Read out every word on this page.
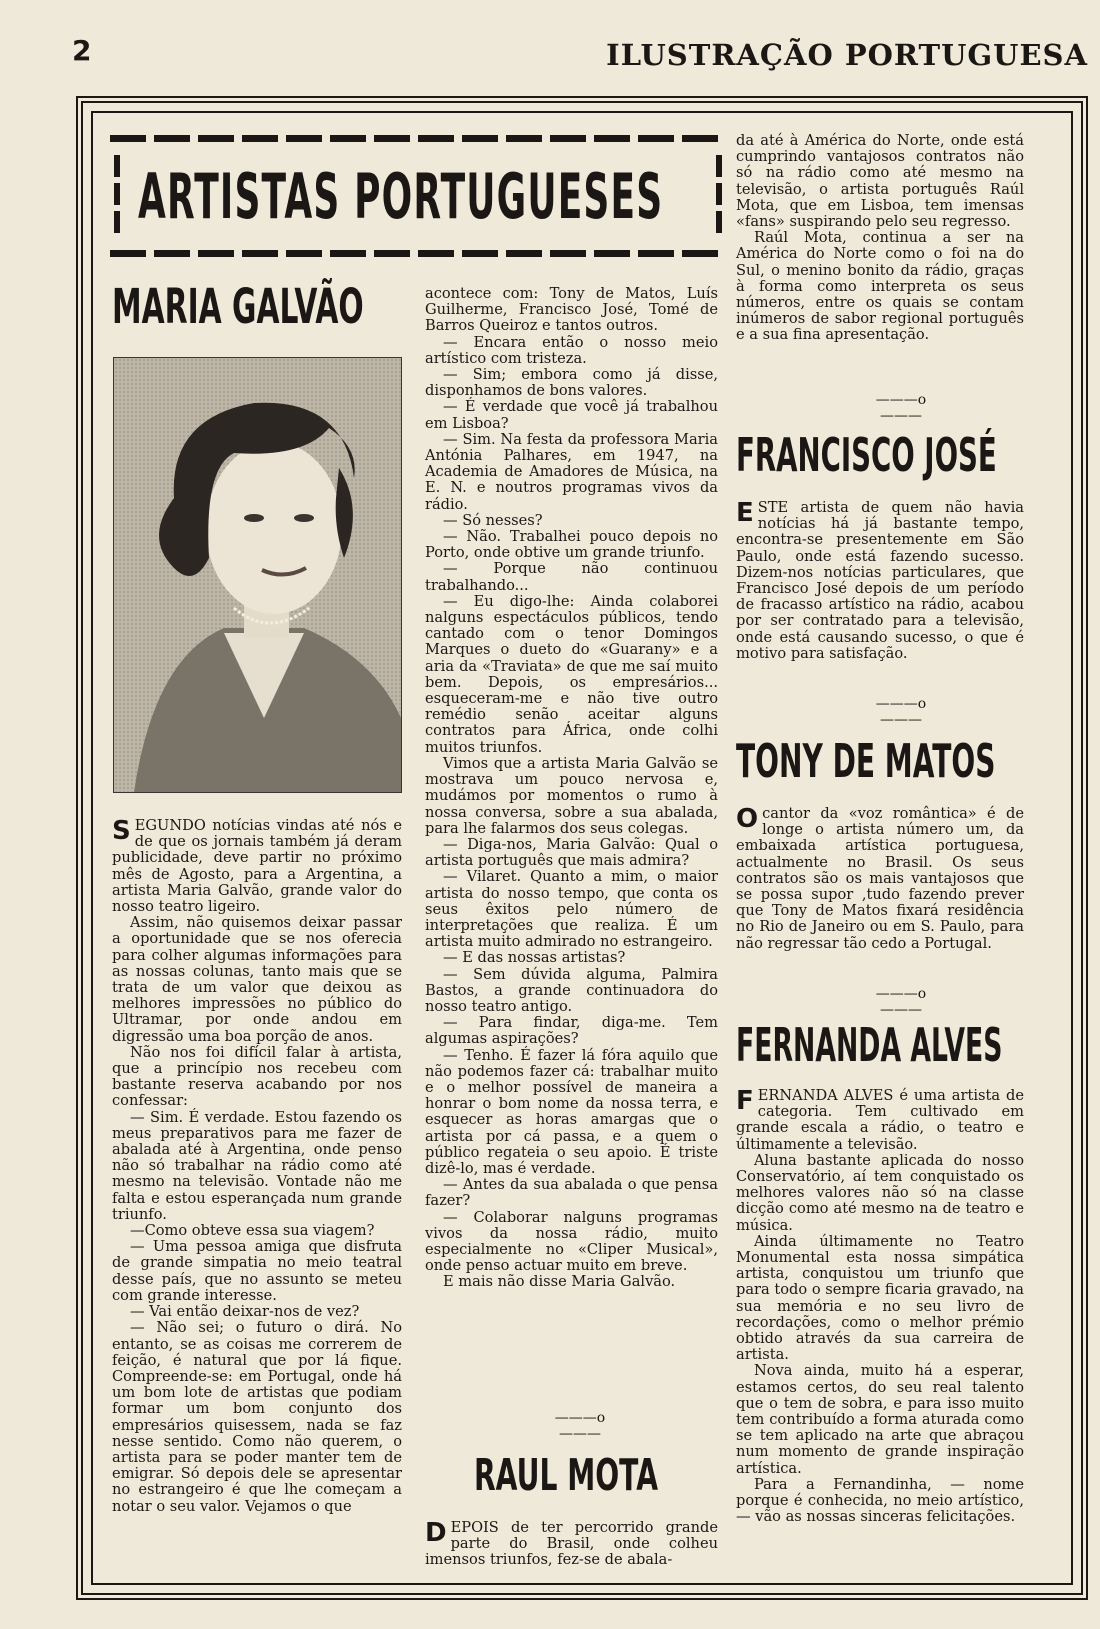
2	ILUSTRAÇÃO PORTUGUESA
ARTISTAS PORTUGUESES
MARIA GALVÃO

SEGUNDO notícias vindas até nós e de que os jornais também já deram publicidade, deve partir no próximo mês de Agosto, para a Argentina, a artista Maria Galvão, grande valor do nosso teatro ligeiro.

Assim, não quisemos deixar passar a oportunidade que se nos oferecia para colher algumas informações para as nossas colunas, tanto mais que se trata de um valor que deixou as melhores impressões no público do Ultramar, por onde andou em digressão uma boa porção de anos.

Não nos foi difícil falar à artista, que a princípio nos recebeu com bastante reserva acabando por nos confessar:

— Sim. É verdade. Estou fazendo os meus preparativos para me fazer de abalada até à Argentina, onde penso não só trabalhar na rádio como até mesmo na televisão. Vontade não me falta e estou esperançada num grande triunfo.

—Como obteve essa sua viagem?

— Uma pessoa amiga que disfruta de grande simpatia no meio teatral desse país, que no assunto se meteu com grande interesse.

— Vai então deixar-nos de vez?

— Não sei; o futuro o dirá. No entanto, se as coisas me correrem de feição, é natural que por lá fique. Compreende-se: em Portugal, onde há um bom lote de artistas que podiam formar um bom conjunto dos empresários quisessem, nada se faz nesse sentido. Como não querem, o artista para se poder manter tem de emigrar. Só depois dele se apresentar no estrangeiro é que lhe começam a notar o seu valor. Vejamos o que

acontece com: Tony de Matos, Luís Guilherme, Francisco José, Tomé de Barros Queiroz e tantos outros.

— Encara então o nosso meio artístico com tristeza.

— Sim; embora como já disse, disponhamos de bons valores.

— É verdade que você já trabalhou em Lisboa?

— Sim. Na festa da professora Maria Antónia Palhares, em 1947, na Academia de Amadores de Música, na E. N. e noutros programas vivos da rádio.

— Só nesses?

— Não. Trabalhei pouco depois no Porto, onde obtive um grande triunfo.

— Porque não continuou trabalhando...

— Eu digo-lhe: Ainda colaborei nalguns espectáculos públicos, tendo cantado com o tenor Domingos Marques o dueto do «Guarany» e a aria da «Traviata» de que me saí muito bem. Depois, os empresários... esqueceram-me e não tive outro remédio senão aceitar alguns contratos para África, onde colhi muitos triunfos.

Vimos que a artista Maria Galvão se mostrava um pouco nervosa e, mudámos por momentos o rumo à nossa conversa, sobre a sua abalada, para lhe falarmos dos seus colegas.

— Diga-nos, Maria Galvão: Qual o artista português que mais admira?

— Vilaret. Quanto a mim, o maior artista do nosso tempo, que conta os seus êxitos pelo número de interpretações que realiza. É um artista muito admirado no estrangeiro.

— E das nossas artistas?

— Sem dúvida alguma, Palmira Bastos, a grande continuadora do nosso teatro antigo.

— Para findar, diga-me. Tem algumas aspirações?

— Tenho. É fazer lá fóra aquilo que não podemos fazer cá: trabalhar muito e o melhor possível de maneira a honrar o bom nome da nossa terra, e esquecer as horas amargas que o artista por cá passa, e a quem o público regateia o seu apoio. É triste dizê-lo, mas é verdade.

— Antes da sua abalada o que pensa fazer?

— Colaborar nalguns programas vivos da nossa rádio, muito especialmente no «Cliper Musical», onde penso actuar muito em breve.

E mais não disse Maria Galvão.

———o———
RAUL MOTA

DEPOIS de ter percorrido grande parte do Brasil, onde colheu imensos triunfos, fez-se de abala-

da até à América do Norte, onde está cumprindo vantajosos contratos não só na rádio como até mesmo na televisão, o artista português Raúl Mota, que em Lisboa, tem imensas «fans» suspirando pelo seu regresso.

Raúl Mota, continua a ser na América do Norte como o foi na do Sul, o menino bonito da rádio, graças à forma como interpreta os seus números, entre os quais se contam inúmeros de sabor regional português e a sua fina apresentação.

———o———
FRANCISCO JOSÉ

ESTE artista de quem não havia notícias há já bastante tempo, encontra-se presentemente em São Paulo, onde está fazendo sucesso. Dizem-nos notícias particulares, que Francisco José depois de um período de fracasso artístico na rádio, acabou por ser contratado para a televisão, onde está causando sucesso, o que é motivo para satisfação.

———o———
TONY DE MATOS

Ocantor da «voz romântica» é de longe o artista número um, da embaixada artística portuguesa, actualmente no Brasil. Os seus contratos são os mais vantajosos que se possa supor ,tudo fazendo prever que Tony de Matos fixará residência no Rio de Janeiro ou em S. Paulo, para não regressar tão cedo a Portugal.

———o———
FERNANDA ALVES

FERNANDA ALVES é uma artista de categoria. Tem cultivado em grande escala a rádio, o teatro e últimamente a televisão.

Aluna bastante aplicada do nosso Conservatório, aí tem conquistado os melhores valores não só na classe dicção como até mesmo na de teatro e música.

Ainda últimamente no Teatro Monumental esta nossa simpática artista, conquistou um triunfo que para todo o sempre ficaria gravado, na sua memória e no seu livro de recordações, como o melhor prémio obtido através da sua carreira de artista.

Nova ainda, muito há a esperar, estamos certos, do seu real talento que o tem de sobra, e para isso muito tem contribuído a forma aturada como se tem aplicado na arte que abraçou num momento de grande inspiração artística.

Para a Fernandinha, — nome porque é conhecida, no meio artístico, — vão as nossas sinceras felicitações.
